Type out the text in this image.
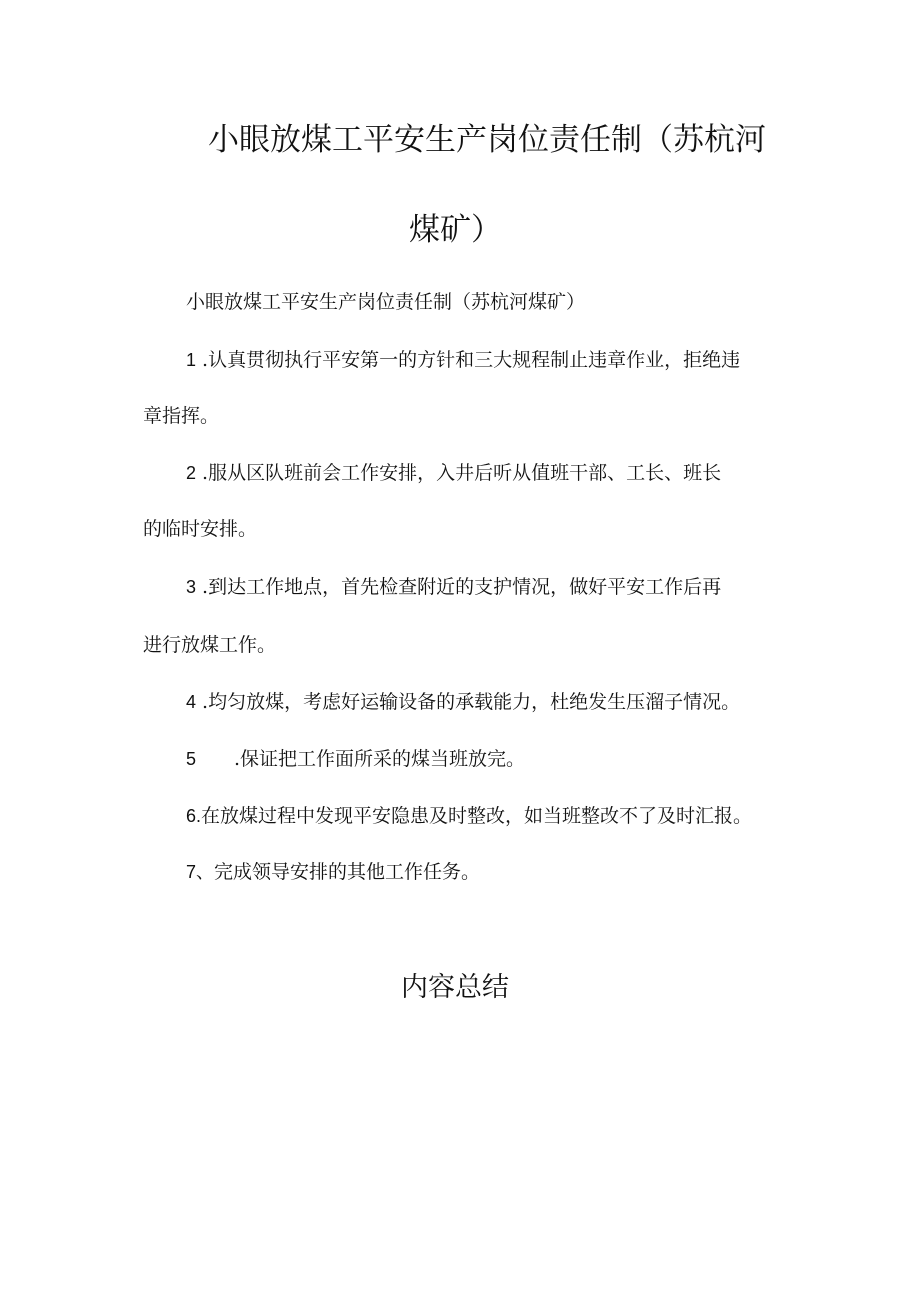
小眼放煤工平安生产岗位责任制（苏杭河
煤矿）
小眼放煤工平安生产岗位责任制（苏杭河煤矿）
1 .认真贯彻执行平安第一的方针和三大规程制止违章作业，拒绝违
章指挥。
2 .服从区队班前会工作安排，入井后听从值班干部、工长、班长
的临时安排。
3 .到达工作地点，首先检查附近的支护情况，做好平安工作后再
进行放煤工作。
4 .均匀放煤，考虑好运输设备的承载能力，杜绝发生压溜子情况。
5 .保证把工作面所采的煤当班放完。
6.在放煤过程中发现平安隐患及时整改，如当班整改不了及时汇报。
7、完成领导安排的其他工作任务。
内容总结
